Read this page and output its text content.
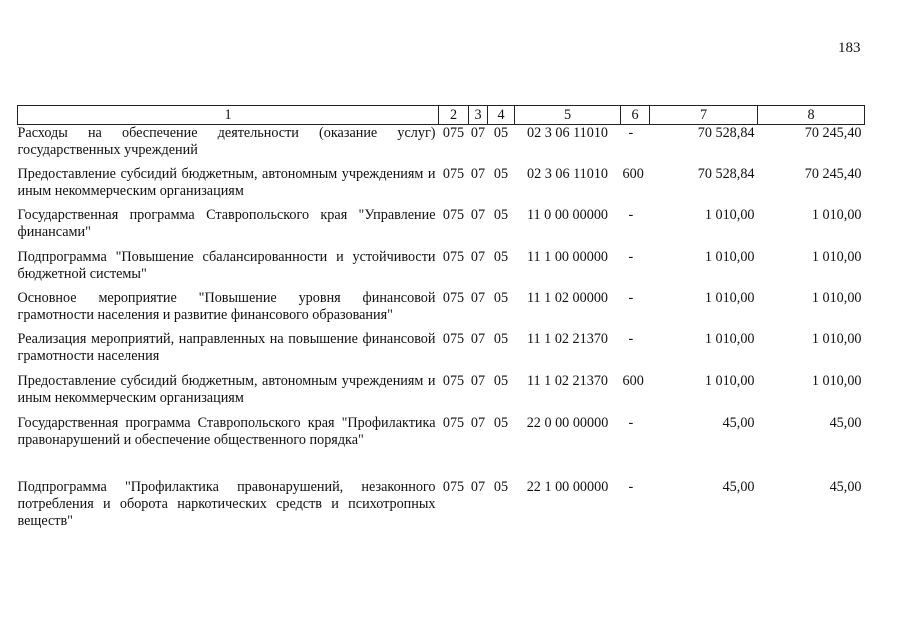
183
1	2	3	4	5	6	7	8
Расходы на обеспечение деятельности (оказание услуг) государственных учреждений	075	07	05	02 3 06 11010	-	70 528,84	70 245,40
Предоставление субсидий бюджетным, автономным учреждениям и иным некоммерческим организациям	075	07	05	02 3 06 11010	600	70 528,84	70 245,40
Государственная программа Ставропольского края "Управление финансами"	075	07	05	11 0 00 00000	-	1 010,00	1 010,00
Подпрограмма "Повышение сбалансированности и устойчивости бюджетной системы"	075	07	05	11 1 00 00000	-	1 010,00	1 010,00
Основное мероприятие "Повышение уровня финансовой грамотности населения и развитие финансового образования"	075	07	05	11 1 02 00000	-	1 010,00	1 010,00
Реализация мероприятий, направленных на повышение финансовой грамотности населения	075	07	05	11 1 02 21370	-	1 010,00	1 010,00
Предоставление субсидий бюджетным, автономным учреждениям и иным некоммерческим организациям	075	07	05	11 1 02 21370	600	1 010,00	1 010,00
Государственная программа Ставропольского края "Профилактика правонарушений и обеспечение общественного порядка"	075	07	05	22 0 00 00000	-	45,00	45,00
Подпрограмма "Профилактика правонарушений, незаконного потребления и оборота наркотических средств и психотропных веществ"	075	07	05	22 1 00 00000	-	45,00	45,00
